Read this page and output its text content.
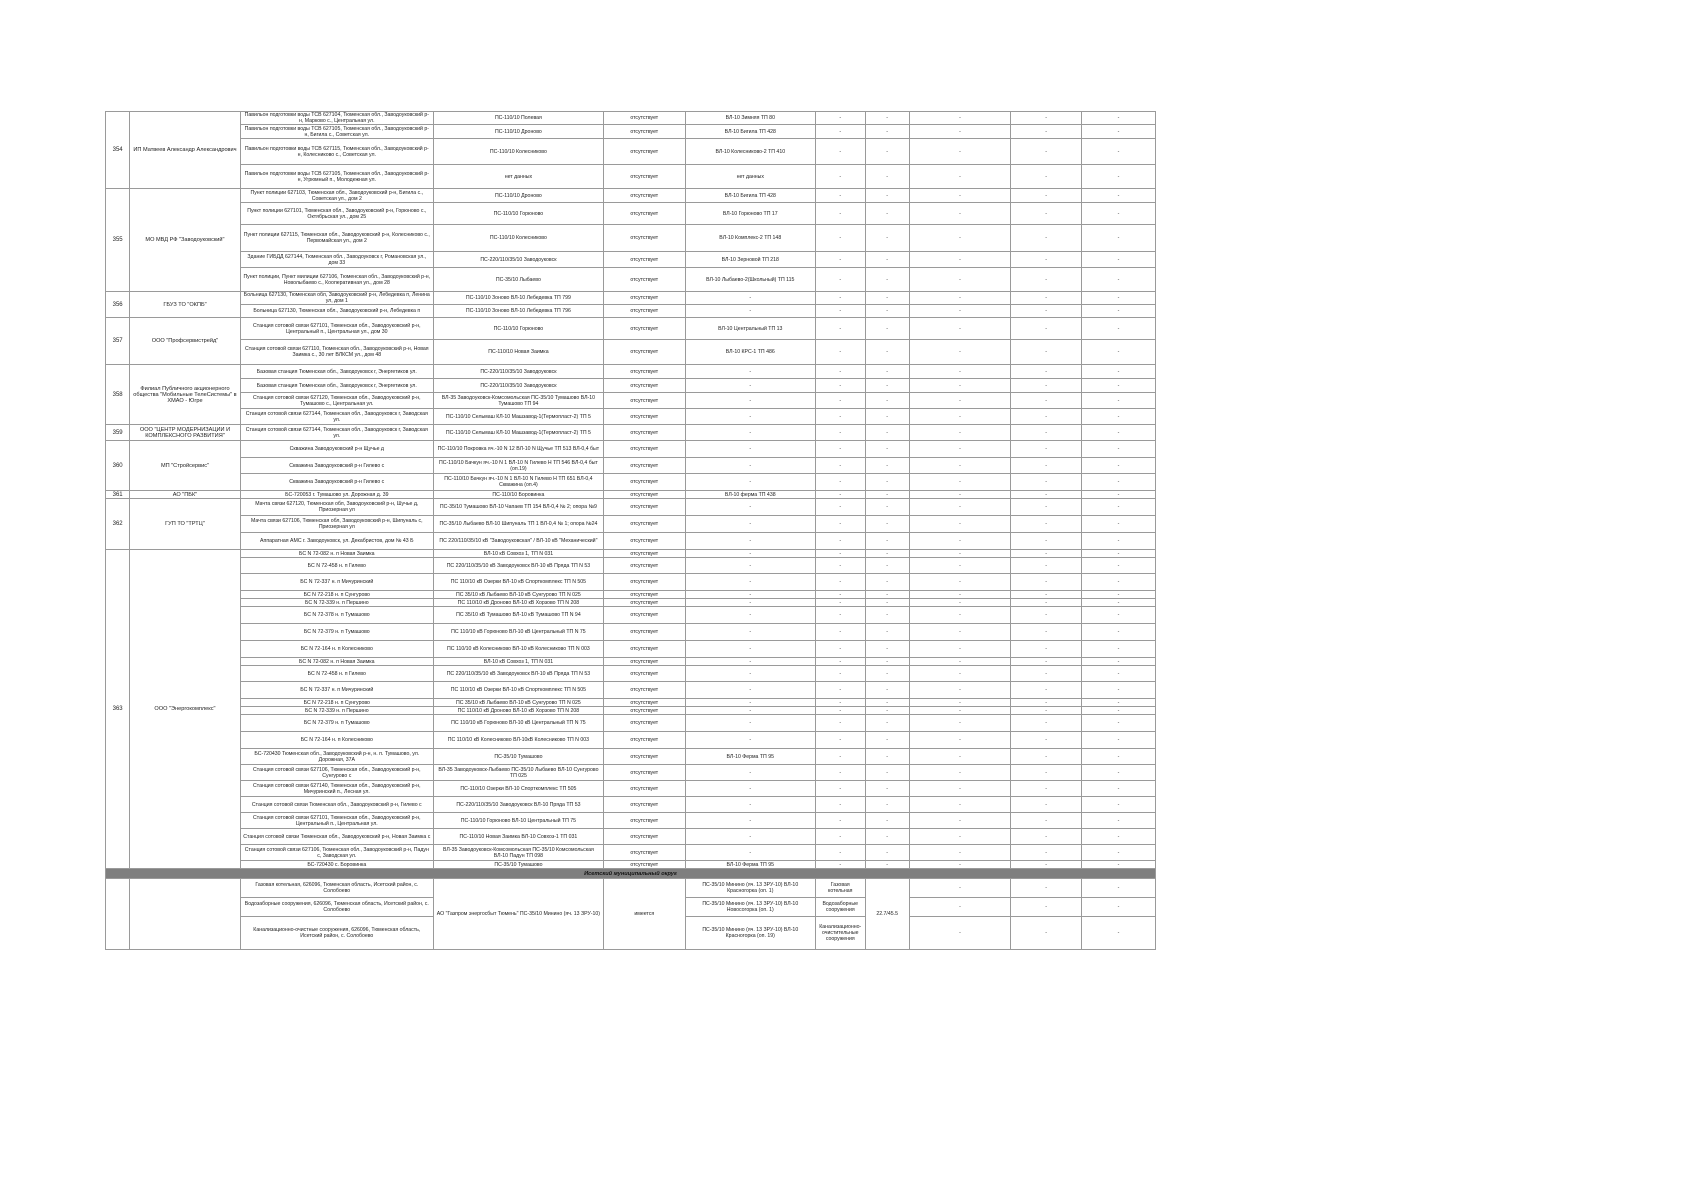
354	ИП Матвеев Александр Александрович	Павильон подготовки воды ТСВ 627104, Тюменская обл., Заводоуковский р-н, Марково с., Центральная ул.	ПС-110/10 Полевая	отсутствует	ВЛ-10 Зимняя ТП 80	-	-	-	-	-
		Павильон подготовки воды ТСВ 627105, Тюменская обл., Заводоуковский р-н, Бигила с., Советская ул.	ПС-110/10 Дроново	отсутствует	ВЛ-10 Бигила ТП 428	-	-	-	-	-
		Павильон подготовки воды ТСВ 627115, Тюменская обл., Заводоуковский р-н, Колесниково с., Советская ул.	ПС-110/10 Колесниково	отсутствует	ВЛ-10 Колесниково-2 ТП 410	-	-	-	-	-
		Павильон подготовки воды ТСВ 627105, Тюменская обл., Заводоуковский р-н, Угрюмный п., Молодежная ул.	нет данных	отсутствует	нет данных	-	-	-	-	-
355	МО МВД РФ "Заводоуковский"	Пункт полиции 627103, Тюменская обл., Заводоуковский р-н, Бигила с., Советская ул., дом 2	ПС-110/10 Дроново	отсутствует	ВЛ-10 Бигила ТП 428	-	-	-	-	-
		Пункт полиции 627101, Тюменская обл., Заводоуковский р-н, Горюново с., Октябрьская ул., дом 25	ПС-110/10 Горюново	отсутствует	ВЛ-10 Горюново ТП 17	-	-	-	-	-
		Пункт полиции 627115, Тюменская обл., Заводоуковский р-н, Колесниково с., Первомайская ул., дом 2	ПС-110/10 Колесниково	отсутствует	ВЛ-10 Комплекс-2 ТП 148	-	-	-	-	-
		Здание ГИБДД 627144, Тюменская обл., Заводоуковск г, Романовская ул., дом 33	ПС-220/110/35/10 Заводоуковск	отсутствует	ВЛ-10 Зерновой ТП 218	-	-	-	-	-
		Пункт полиции, Пункт милиции 627106, Тюменская обл., Заводоуковский р-н, Новолыбаево с., Кооперативная ул., дом 28	ПС-35/10 Лыбаево	отсутствует	ВЛ-10 Лыбаево-2(Школьный) ТП 115	-	-	-	-	-
356	ГБУЗ ТО "ОКПБ"	Больница 627130, Тюменская обл, Заводоуковский р-н, Лебедевка п, Ленина ул, дом 1	ПС-110/10 Зоново ВЛ-10 Лебедевка ТП 799	отсутствует	-	-	-	-	-	-
		Больница 627130, Тюменская обл., Заводоуковский р-н, Лебедевка п	ПС-110/10 Зоново ВЛ-10 Лебедевка ТП 796	отсутствует	-	-	-	-	-	-
357	ООО "Профсервистрейд"	Станция сотовой связи 627101, Тюменская обл., Заводоуковский р-н, Центральный п., Центральная ул., дом 30	ПС-110/10 Горюново	отсутствует	ВЛ-10 Центральный ТП 13	-	-	-	-	-
		Станция сотовой связи 627110, Тюменская обл., Заводоуковский р-н, Новая Заимка с., 30 лет ВЛКСМ ул., дом 48	ПС-110/10 Новая Заимка	отсутствует	ВЛ-10 КРС-1 ТП 486	-	-	-	-	-
358	Филиал Публичного акционерного общества "Мобильные ТелеСистемы" в ХМАО - Югре	Базовая станция Тюменская обл., Заводоуковск г, Энергетиков ул.	ПС-220/110/35/10 Заводоуковск	отсутствует	-	-	-	-	-	-
		Базовая станция Тюменская обл., Заводоуковск г, Энергетиков ул.	ПС-220/110/35/10 Заводоуковск	отсутствует	-	-	-	-	-	-
		Станция сотовой связи 627120, Тюменская обл., Заводоуковский р-н, Тумашово с., Центральная ул.	ВЛ-35 Заводоуковск-Комсомольская ПС-35/10 Тумашово ВЛ-10 Тумашово ТП 94	отсутствует	-	-	-	-	-	-
		Станция сотовой связи 627144, Тюменская обл., Заводоуковск г, Заводская ул.	ПС-110/10 Сельмаш КЛ-10 Машзавод-1(Термопласт-2) ТП 5	отсутствует	-	-	-	-	-	-
359	ООО "ЦЕНТР МОДЕРНИЗАЦИИ И КОМПЛЕКСНОГО РАЗВИТИЯ"	Станция сотовой связи 627144, Тюменская обл., Заводоуковск г, Заводская ул.	ПС-110/10 Сельмаш КЛ-10 Машзавод-1(Термопласт-2) ТП 5	отсутствует	-	-	-	-	-	-
360	МП "Стройсервис"	Скважина Заводоуковский р-н Щучье д	ПС-110/10 Покровка яч.-10 N 12 ВЛ-10 N Щучье ТП 513 ВЛ-0,4 быт	отсутствует	-	-	-	-	-	-
		Скважина Заводоуковский р-н Гилево с	ПС-110/10 Бачкун яч.-10 N 1 ВЛ-10 N Гилево Н ТП 546 ВЛ-0,4 быт (оп.19)	отсутствует	-	-	-	-	-	-
		Скважина Заводоуковский р-н Гилево с	ПС-110/10 Бачкун яч.-10 N 1 ВЛ-10 N Гилево Н ТП 651 ВЛ-0,4 Скважина (оп.4)	отсутствует	-	-	-	-	-	-
361	АО "ПБК"	БС-720053 г. Тумашово ул. Дорожная д. 39	ПС-110/10 Боровинка	отсутствует	ВЛ-10 ферма ТП 438	-	-	-	-	-
362	ГУП ТО "ТРТЦ"	Мачта связи 627120, Тюменская обл, Заводоуковский р-н, Шучье д, Приозерная ул	ПС-35/10 Тумашово ВЛ-10 Чапаев ТП 154 ВЛ-0,4 № 2; опора №9	отсутствует	-	-	-	-	-	-
		Мачта связи 627106, Тюменская обл, Заводоуковский р-н, Шипуналь с, Приозерная ул	ПС-35/10 Лыбаево ВЛ-10 Шипуналь ТП 1 ВЛ-0,4 № 1; опора №24	отсутствует	-	-	-	-	-	-
		Аппаратная АМС г. Заводоуковск, ул. Декабристов, дом № 43 Б	ПС 220/110/35/10 кВ "Заводоуковская" / ВЛ-10 кВ "Механический"	отсутствует	-	-	-	-	-	-
363	ООО "Энергокомплекс"	БС N 72-082 н. п Новая Заимка	ВЛ-10 кВ Совхоз 1, ТП N 031	отсутствует	-	-	-	-	-	-
		БС N 72-458 н. п Гилево	ПС 220/110/35/10 кВ Заводоуковск ВЛ-10 кВ Пряда ТП N 53	отсутствует	-	-	-	-	-	-
		БС N 72-337 н. п Мичуринский	ПС 110/10 кВ Озерки ВЛ-10 кВ Спорткомплекс ТП N 505	отсутствует	-	-	-	-	-	-
		БС N 72-218 н. п Сунгурово	ПС 35/10 кВ Лыбаево ВЛ-10 кВ Сунгурово ТП N 025	отсутствует	-	-	-	-	-	-
		БС N 72-339 н. п Першино	ПС 110/10 кВ Дроново ВЛ-10 кВ Хорзово ТП N 208	отсутствует	-	-	-	-	-	-
		БС N 72-378 н. п Тумашово	ПС 35/10 кВ Тумашово ВЛ-10 кВ Тумашово ТП N 94	отсутствует	-	-	-	-	-	-
		БС N 72-379 н. п Тумашово	ПС 110/10 кВ Горюново ВЛ-10 кВ Центральный ТП N 75	отсутствует	-	-	-	-	-	-
		БС N 72-164 н. п Колесниково	ПС 110/10 кВ Колесниково ВЛ-10 кВ Колесниково ТП N 003	отсутствует	-	-	-	-	-	-
		БС N 72-082 н. п Новая Заимка	ВЛ-10 кВ Совхоз 1, ТП N 031	отсутствует	-	-	-	-	-	-
		БС N 72-458 н. п Гилево	ПС 220/110/35/10 кВ Заводоуковск ВЛ-10 кВ Пряда ТП N 53	отсутствует	-	-	-	-	-	-
		БС N 72-337 н. п Мичуринский	ПС 110/10 кВ Озерки ВЛ-10 кВ Спорткомплекс ТП N 505	отсутствует	-	-	-	-	-	-
		БС N 72-218 н. п Сунгурово	ПС 35/10 кВ Лыбаево ВЛ-10 кВ Сунгурово ТП N 025	отсутствует	-	-	-	-	-	-
		БС N 72-339 н. п Першино	ПС 110/10 кВ Дроново ВЛ-10 кВ Хорзово ТП N 208	отсутствует	-	-	-	-	-	-
		БС N 72-379 н. п Тумашово	ПС 110/10 кВ Горюново ВЛ-10 кВ Центральный ТП N 75	отсутствует	-	-	-	-	-	-
		БС N 72-164 н. п Колесниково	ПС 110/10 кВ Колесниково ВЛ-10кВ Колесниково ТП N 003	отсутствует	-	-	-	-	-	-
		БС-720430 Тюменская обл., Заводоуковский р-н, н. п. Тумашово, ул. Дорожная, 37А	ПС-35/10 Тумашово	отсутствует	ВЛ-10 Ферма ТП 95	-	-	-	-	-
		Станция сотовой связи 627106, Тюменская обл., Заводоуковский р-н, Сунгурово с	ВЛ-35 Заводоуковск-Лыбаево ПС-35/10 Лыбаево ВЛ-10 Сунгурово ТП 025	отсутствует	-	-	-	-	-	-
		Станция сотовой связи 627140, Тюменская обл., Заводоуковский р-н, Мичуринский п., Лесная ул.	ПС-110/10 Озерки ВЛ-10 Спорткомплекс ТП 505	отсутствует	-	-	-	-	-	-
		Станция сотовой связи Тюменская обл., Заводоуковский р-н, Гилево с	ПС-220/110/35/10 Заводоуковск ВЛ-10 Пряда ТП 53	отсутствует	-	-	-	-	-	-
		Станция сотовой связи 627101, Тюменская обл., Заводоуковский р-н, Центральный п., Центральная ул.	ПС-110/10 Горюново ВЛ-10 Центральный ТП 75	отсутствует	-	-	-	-	-	-
		Станция сотовой связи Тюменская обл., Заводоуковский р-н, Новая Заимка с	ПС-110/10 Новая Заимка ВЛ-10 Совхоз-1 ТП 031	отсутствует	-	-	-	-	-	-
		Станция сотовой связи 627106, Тюменская обл., Заводоуковский р-н, Падун с, Заводская ул.	ВЛ-35 Заводоуковск-Комсомольская ПС-35/10 Комсомольская ВЛ-10 Падун ТП 098	отсутствует	-	-	-	-	-	-
		БС-720430 с. Боровинка	ПС-35/10 Тумашово	отсутствует	ВЛ-10 Ферма ТП 95	-	-	-	-	-
Исетский муниципальный округ										
		Газовая котельная, 626096, Тюменская область, Исетский район, с. Солобоево	АО "Газпром энергосбыт Тюмень" ПС-35/10 Минино (яч. 13 ЗРУ-10)	имеется	ПС-35/10 Минино (яч. 13 ЗРУ-10) ВЛ-10 Красногорка (оп. 1)	Газовая котельная	22.7/45.5	-	-	-
		Водозаборные сооружения, 626096, Тюменская область, Исетский район, с. Солобоево			ПС-35/10 Минино (яч. 13 ЗРУ-10) ВЛ-10 Новосогорка (оп. 1)	Водозаборные сооружения		-	-	-
		Канализационно-очистные сооружения, 626096, Тюменская область, Исетский район, с. Солобоево			ПС-35/10 Минино (яч. 13 ЗРУ-10) ВЛ-10 Красногорка (оп. 19)	Канализационно-очистительные сооружения		-	-	-
